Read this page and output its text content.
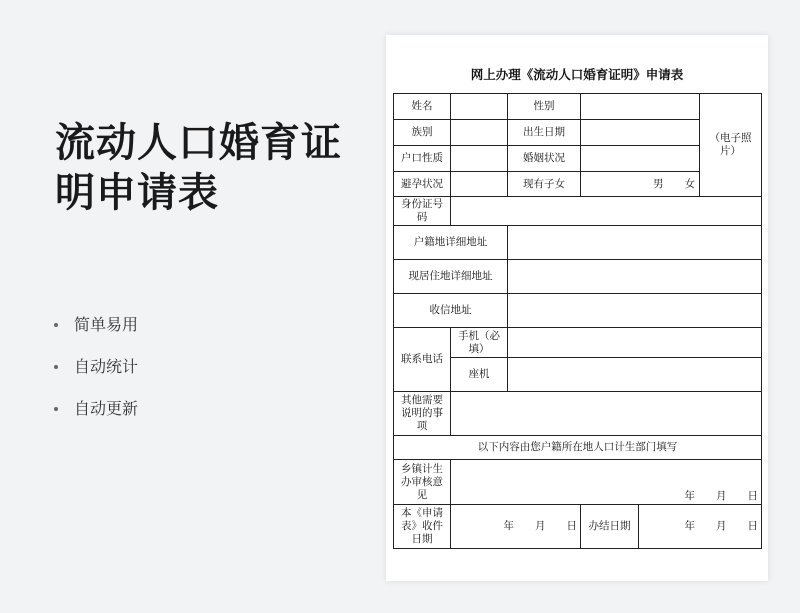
流动人口婚育证明申请表
简单易用
自动统计
自动更新
网上办理《流动人口婚育证明》申请表
姓名		性别			（电子照片）
族别		出生日期			
户口性质		婚姻状况			
避孕状况		现有子女	男　　女		
身份证号码					
户籍地详细地址					
现居住地详细地址					
收信地址					
联系电话	手机（必填）				
	座机				
其他需要说明的事项					
以下内容由您户籍所在地人口计生部门填写					
乡镇计生办审核意见	年　　月　　日				
本《申请表》收件日期	年　　月　　日		办结日期	年　　月　　日	
